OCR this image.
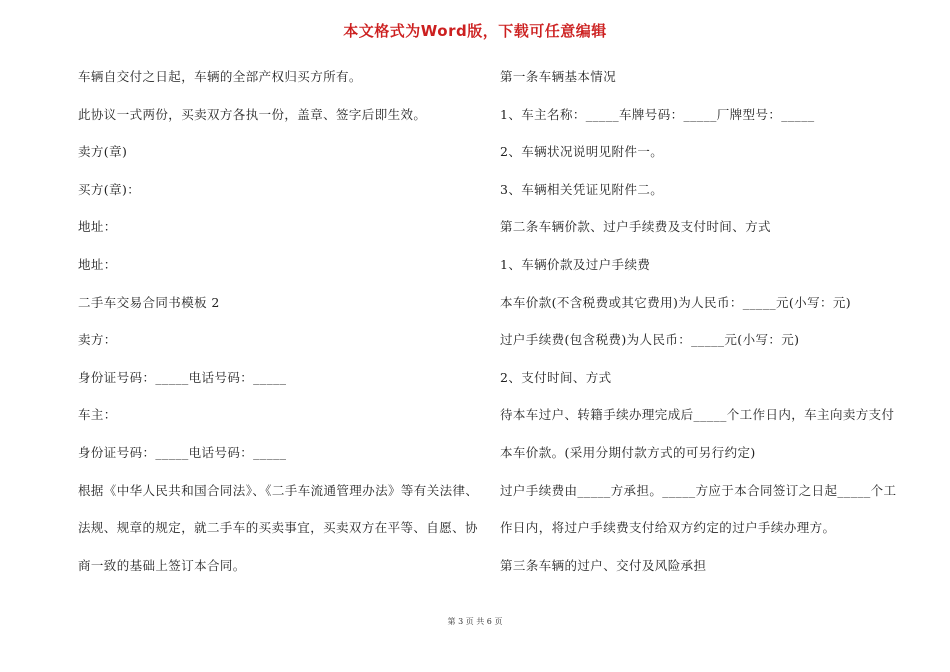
本文格式为Word版，下载可任意编辑
车辆自交付之日起，车辆的全部产权归买方所有。
此协议一式两份，买卖双方各执一份，盖章、签字后即生效。
卖方(章)
买方(章)：
地址：
地址：
二手车交易合同书模板 2
卖方：
身份证号码：_____电话号码：_____
车主：
身份证号码：_____电话号码：_____
根据《中华人民共和国合同法》、《二手车流通管理办法》等有关法律、
法规、规章的规定，就二手车的买卖事宜，买卖双方在平等、自愿、协
商一致的基础上签订本合同。
第一条车辆基本情况
1、车主名称：_____车牌号码：_____厂牌型号：_____
2、车辆状况说明见附件一。
3、车辆相关凭证见附件二。
第二条车辆价款、过户手续费及支付时间、方式
1、车辆价款及过户手续费
本车价款(不含税费或其它费用)为人民币：_____元(小写：元)
过户手续费(包含税费)为人民币：_____元(小写：元)
2、支付时间、方式
待本车过户、转籍手续办理完成后_____个工作日内，车主向卖方支付
本车价款。(采用分期付款方式的可另行约定)
过户手续费由_____方承担。_____方应于本合同签订之日起_____个工
作日内，将过户手续费支付给双方约定的过户手续办理方。
第三条车辆的过户、交付及风险承担
第 3 页 共 6 页
